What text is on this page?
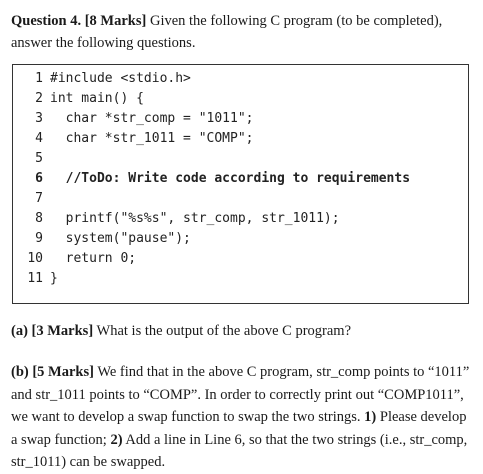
Question 4. [8 Marks] Given the following C program (to be completed), answer the following questions.
1 #include <stdio.h>
2 int main() {
3 char *str_comp = "1011";
4 char *str_1011 = "COMP";
5
6 //ToDo: Write code according to requirements
7
8 printf("%s%s", str_comp, str_1011);
9 system("pause");
10 return 0;
11 }
(a) [3 Marks] What is the output of the above C program?
(b) [5 Marks] We find that in the above C program, str_comp points to “1011” and str_1011 points to “COMP”. In order to correctly print out “COMP1011”, we want to develop a swap function to swap the two strings. 1) Please develop a swap function; 2) Add a line in Line 6, so that the two strings (i.e., str_comp, str_1011) can be swapped.
